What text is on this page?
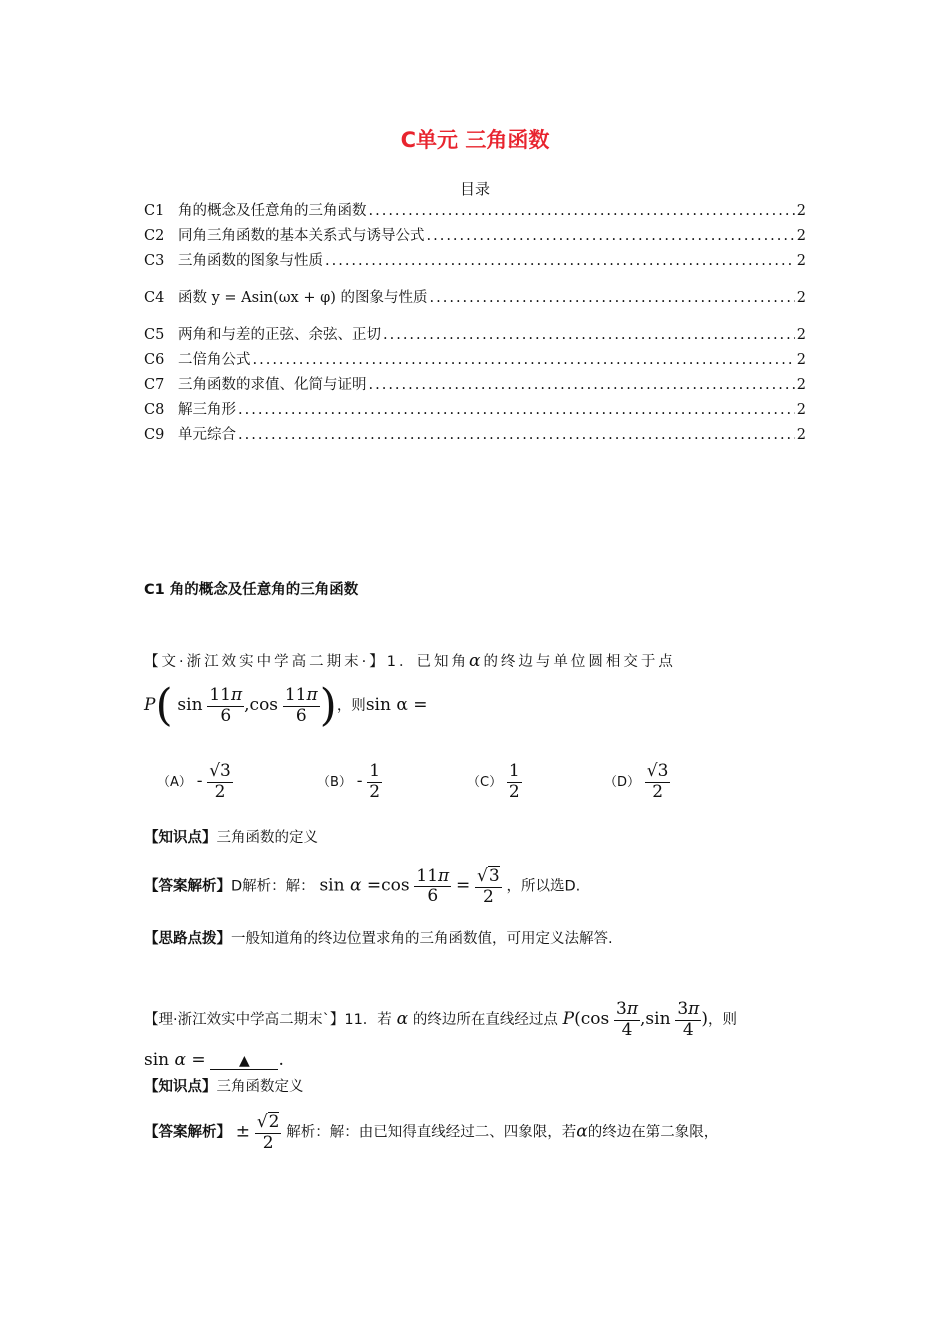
C单元 三角函数
目录
C1 角的概念及任意角的三角函数 .....	2
C2 同角三角函数的基本关系式与诱导公式 .....	2
C3 三角函数的图象与性质 .....	2
C4 函数 y = Asin(ωx + φ) 的图象与性质 .....	2
C5 两角和与差的正弦、余弦、正切 .....	2
C6 二倍角公式 .....	2
C7 三角函数的求值、化简与证明 .....	2
C8 解三角形 .....	2
C9 单元综合 .....	2
C1 角的概念及任意角的三角函数
【文·浙江效实中学高二期末·】1．已知角α的终边与单位圆相交于点
P( $\sin \frac{11\pi}{6} ,\cos \frac{11\pi}{6}$ )，则sin α =
$(A) - \frac{√3}{2}$	$(B) - \frac{1}{2}$	$(C) \frac{1}{2}$	$(D) \frac{√3}{2}$
【知识点】三角函数的定义
【答案解析】D解析：解： $\sin \alpha =\cos \frac{11\pi}{6} = \frac{√3}{2}$ ，所以选D.
【思路点拨】一般知道角的终边位置求角的三角函数值，可用定义法解答.
【理·浙江效实中学高二期末`】11．若 α 的终边所在直线经过点 $P(\cos \frac{3\pi}{4} ,\sin \frac{3\pi}{4}$ )，则
sin α = ▲ .
【知识点】三角函数定义
【答案解析】 ± $\frac{√2}{2}$ 解析：解：由已知得直线经过二、四象限，若α的终边在第二象限，
